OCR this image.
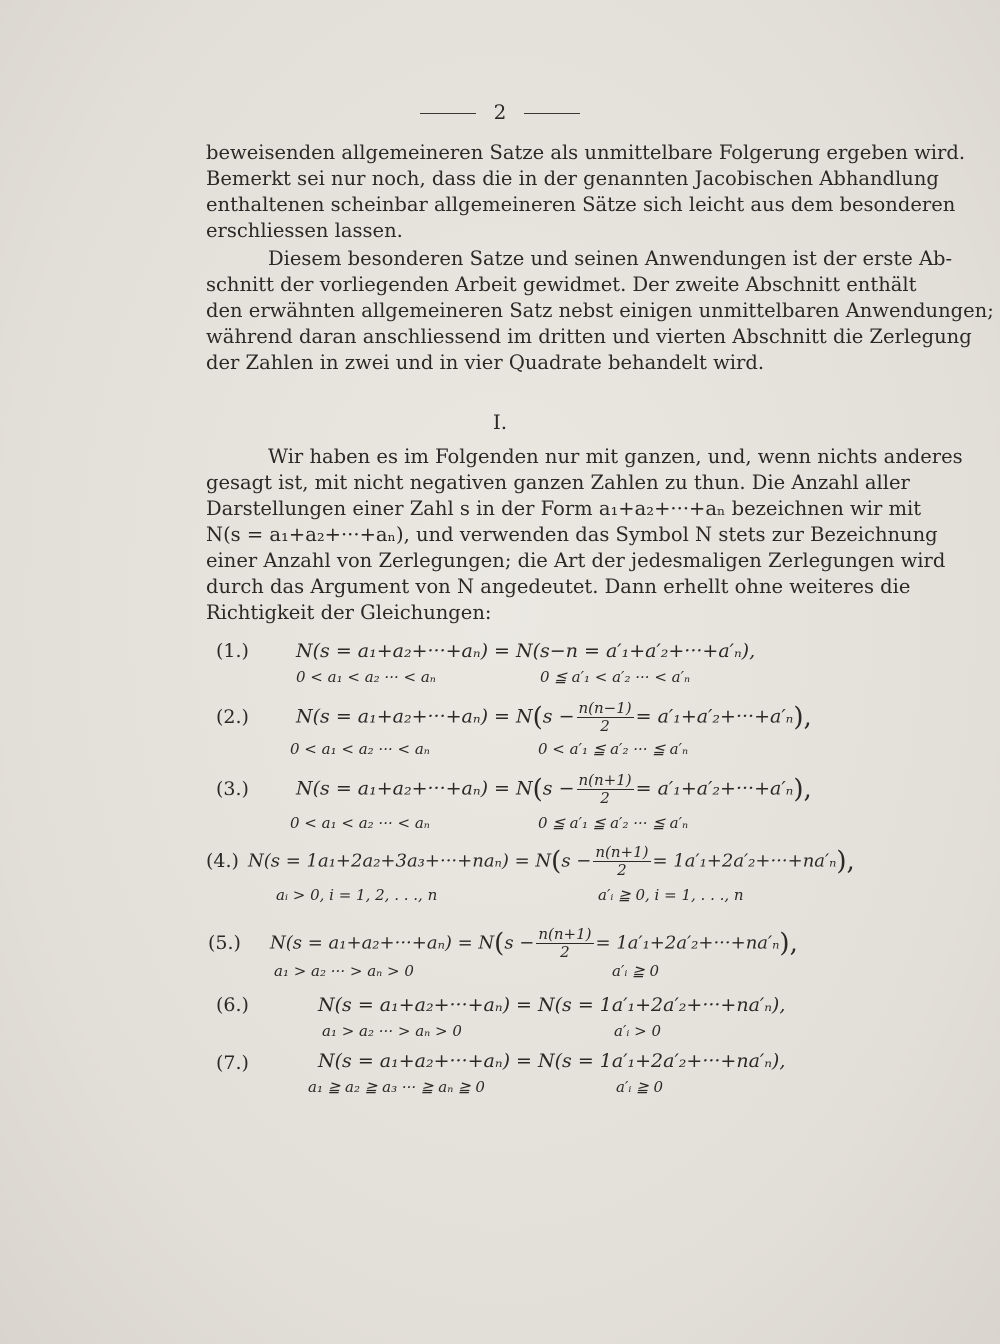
2
beweisenden allgemeineren Satze als unmittelbare Folgerung ergeben wird.
Bemerkt sei nur noch, dass die in der genannten Jacobischen Abhandlung
enthaltenen scheinbar allgemeineren Sätze sich leicht aus dem besonderen
erschliessen lassen.
Diesem besonderen Satze und seinen Anwendungen ist der erste Ab-
schnitt der vorliegenden Arbeit gewidmet. Der zweite Abschnitt enthält
den erwähnten allgemeineren Satz nebst einigen unmittelbaren Anwendungen;
während daran anschliessend im dritten und vierten Abschnitt die Zerlegung
der Zahlen in zwei und in vier Quadrate behandelt wird.
I.
Wir haben es im Folgenden nur mit ganzen, und, wenn nichts anderes
gesagt ist, mit nicht negativen ganzen Zahlen zu thun. Die Anzahl aller
Darstellungen einer Zahl s in der Form a₁+a₂+···+aₙ bezeichnen wir mit
N(s = a₁+a₂+···+aₙ), und verwenden das Symbol N stets zur Bezeichnung
einer Anzahl von Zerlegungen; die Art der jedesmaligen Zerlegungen wird
durch das Argument von N angedeutet. Dann erhellt ohne weiteres die
Richtigkeit der Gleichungen:
(1.) N(s = a₁+a₂+···+aₙ) = N(s−n = a′₁+a′₂+···+a′ₙ),
0 < a₁ < a₂ ··· < aₙ	0 ≦ a′₁ < a′₂ ··· < a′ₙ
(2.) $N(s = a_1+a_2+\cdot\cdot\cdot+a_n) = N(s - \frac{n(n-1)}{2} = a'_1+a'_2+\cdot\cdot\cdot+a'_n)$,
0 < a₁ < a₂ ··· < aₙ	0 < a′₁ ≦ a′₂ ··· ≦ a′ₙ
(3.) $N(s = a_1+a_2+\cdot\cdot\cdot+a_n) = N(s - \frac{n(n+1)}{2} = a'_1+a'_2+\cdot\cdot\cdot+a'_n)$,
0 < a₁ < a₂ ··· < aₙ	0 ≦ a′₁ ≦ a′₂ ··· ≦ a′ₙ
(4.) $N(s = 1a_1+2a_2+3a_3+\cdot\cdot\cdot+na_n) = N(s - \frac{n(n+1)}{2} = 1a'_1+2a'_2+\cdot\cdot\cdot+na'_n)$,
aᵢ > 0, i = 1, 2, . . ., n	a′ᵢ ≧ 0, i = 1, . . ., n
(5.) $N(s = a_1+a_2+\cdot\cdot\cdot+a_n) = N(s - \frac{n(n+1)}{2} = 1a'_1+2a'_2+\cdot\cdot\cdot+na'_n)$,
a₁ > a₂ ··· > aₙ > 0	a′ᵢ ≧ 0
(6.)	N(s = a₁+a₂+···+aₙ) = N(s = 1a′₁+2a′₂+···+na′ₙ),
a₁ > a₂ ··· > aₙ > 0	a′ᵢ > 0
(7.)	N(s = a₁+a₂+···+aₙ) = N(s = 1a′₁+2a′₂+···+na′ₙ),
a₁ ≧ a₂ ≧ a₃ ··· ≧ aₙ ≧ 0	a′ᵢ ≧ 0
